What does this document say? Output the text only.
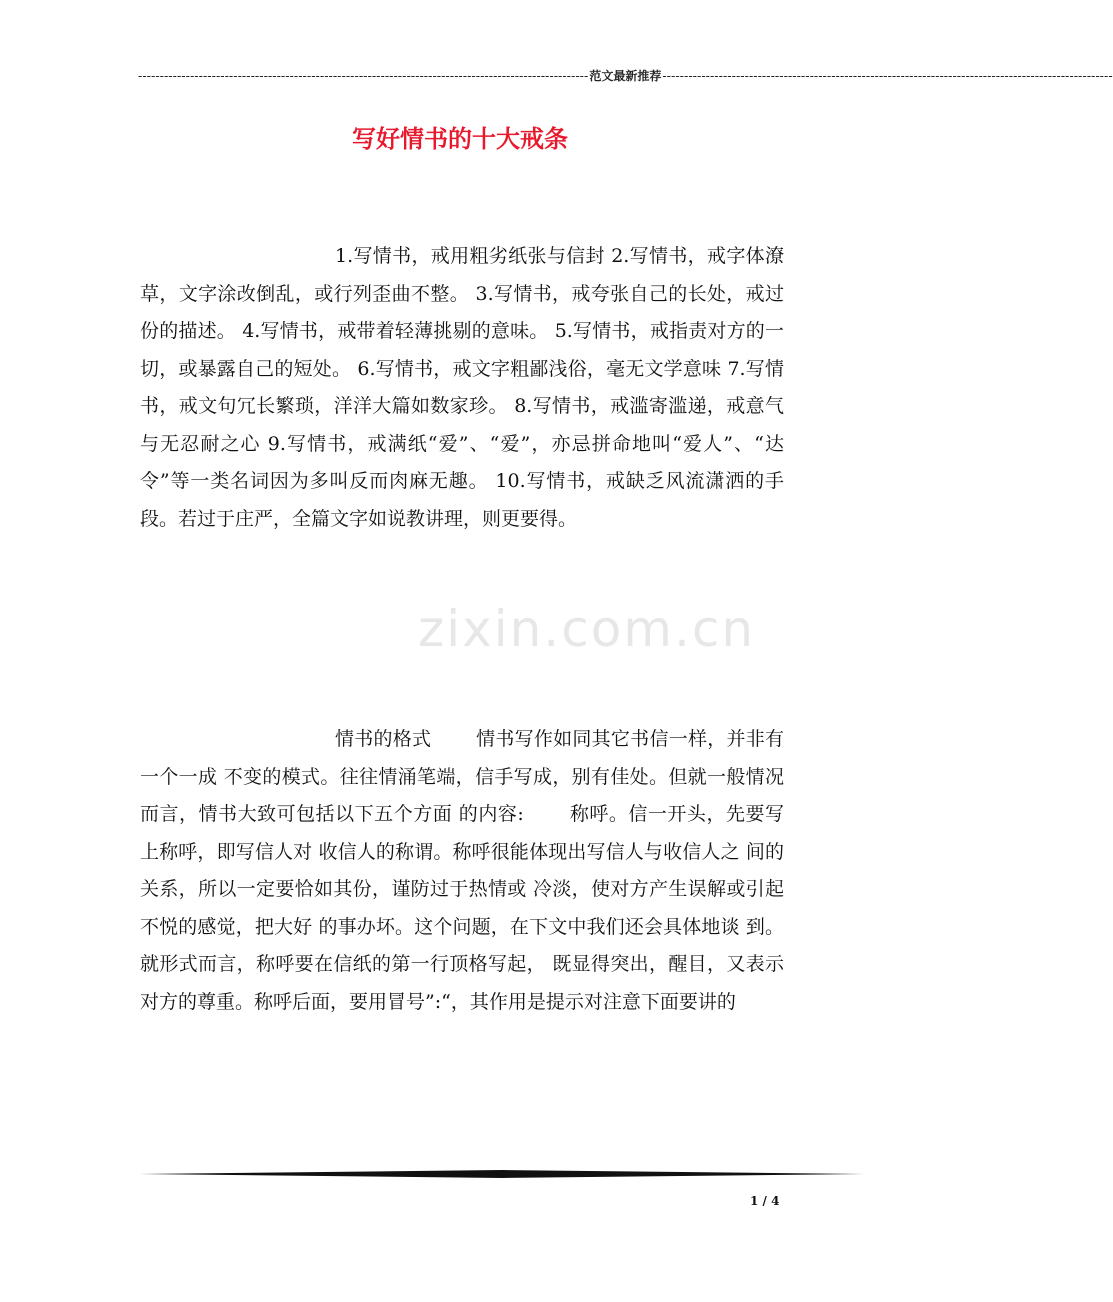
-------------------------------------------------------------------------------------------------------- 范文最新推荐 --------------------------------------------------------------------------------------------------------
写好情书的十大戒条

1.写情书，戒用粗劣纸张与信封 2.写情书，戒字体潦草，文字涂改倒乱，或行列歪曲不整。 3.写情书，戒夸张自己的长处，戒过份的描述。 4.写情书，戒带着轻薄挑剔的意味。 5.写情书，戒指责对方的一切，或暴露自己的短处。 6.写情书，戒文字粗鄙浅俗，毫无文学意味 7.写情书，戒文句冗长繁琐，洋洋大篇如数家珍。 8.写情书，戒滥寄滥递，戒意气与无忍耐之心 9.写情书，戒满纸“爱”、“爱”，亦忌拼命地叫“爱人”、“达令”等一类名词因为多叫反而肉麻无趣。 10.写情书，戒缺乏风流潇洒的手段。若过于庄严，全篇文字如说教讲理，则更要得。

zixin.com.cn

情书的格式　　 情书写作如同其它书信一样，并非有一个一成 不变的模式。往往情涌笔端，信手写成，别有佳处。但就一般情况而言，情书大致可包括以下五个方面 的内容:　　 称呼。信一开头，先要写上称呼，即写信人对 收信人的称谓。称呼很能体现出写信人与收信人之 间的关系，所以一定要恰如其份，谨防过于热情或 冷淡，使对方产生误解或引起不悦的感觉，把大好 的事办坏。这个问题，在下文中我们还会具体地谈 到。就形式而言，称呼要在信纸的第一行顶格写起， 既显得突出，醒目，又表示对方的尊重。称呼后面，要用冒号”:“，其作用是提示对注意下面要讲的

1 / 4
